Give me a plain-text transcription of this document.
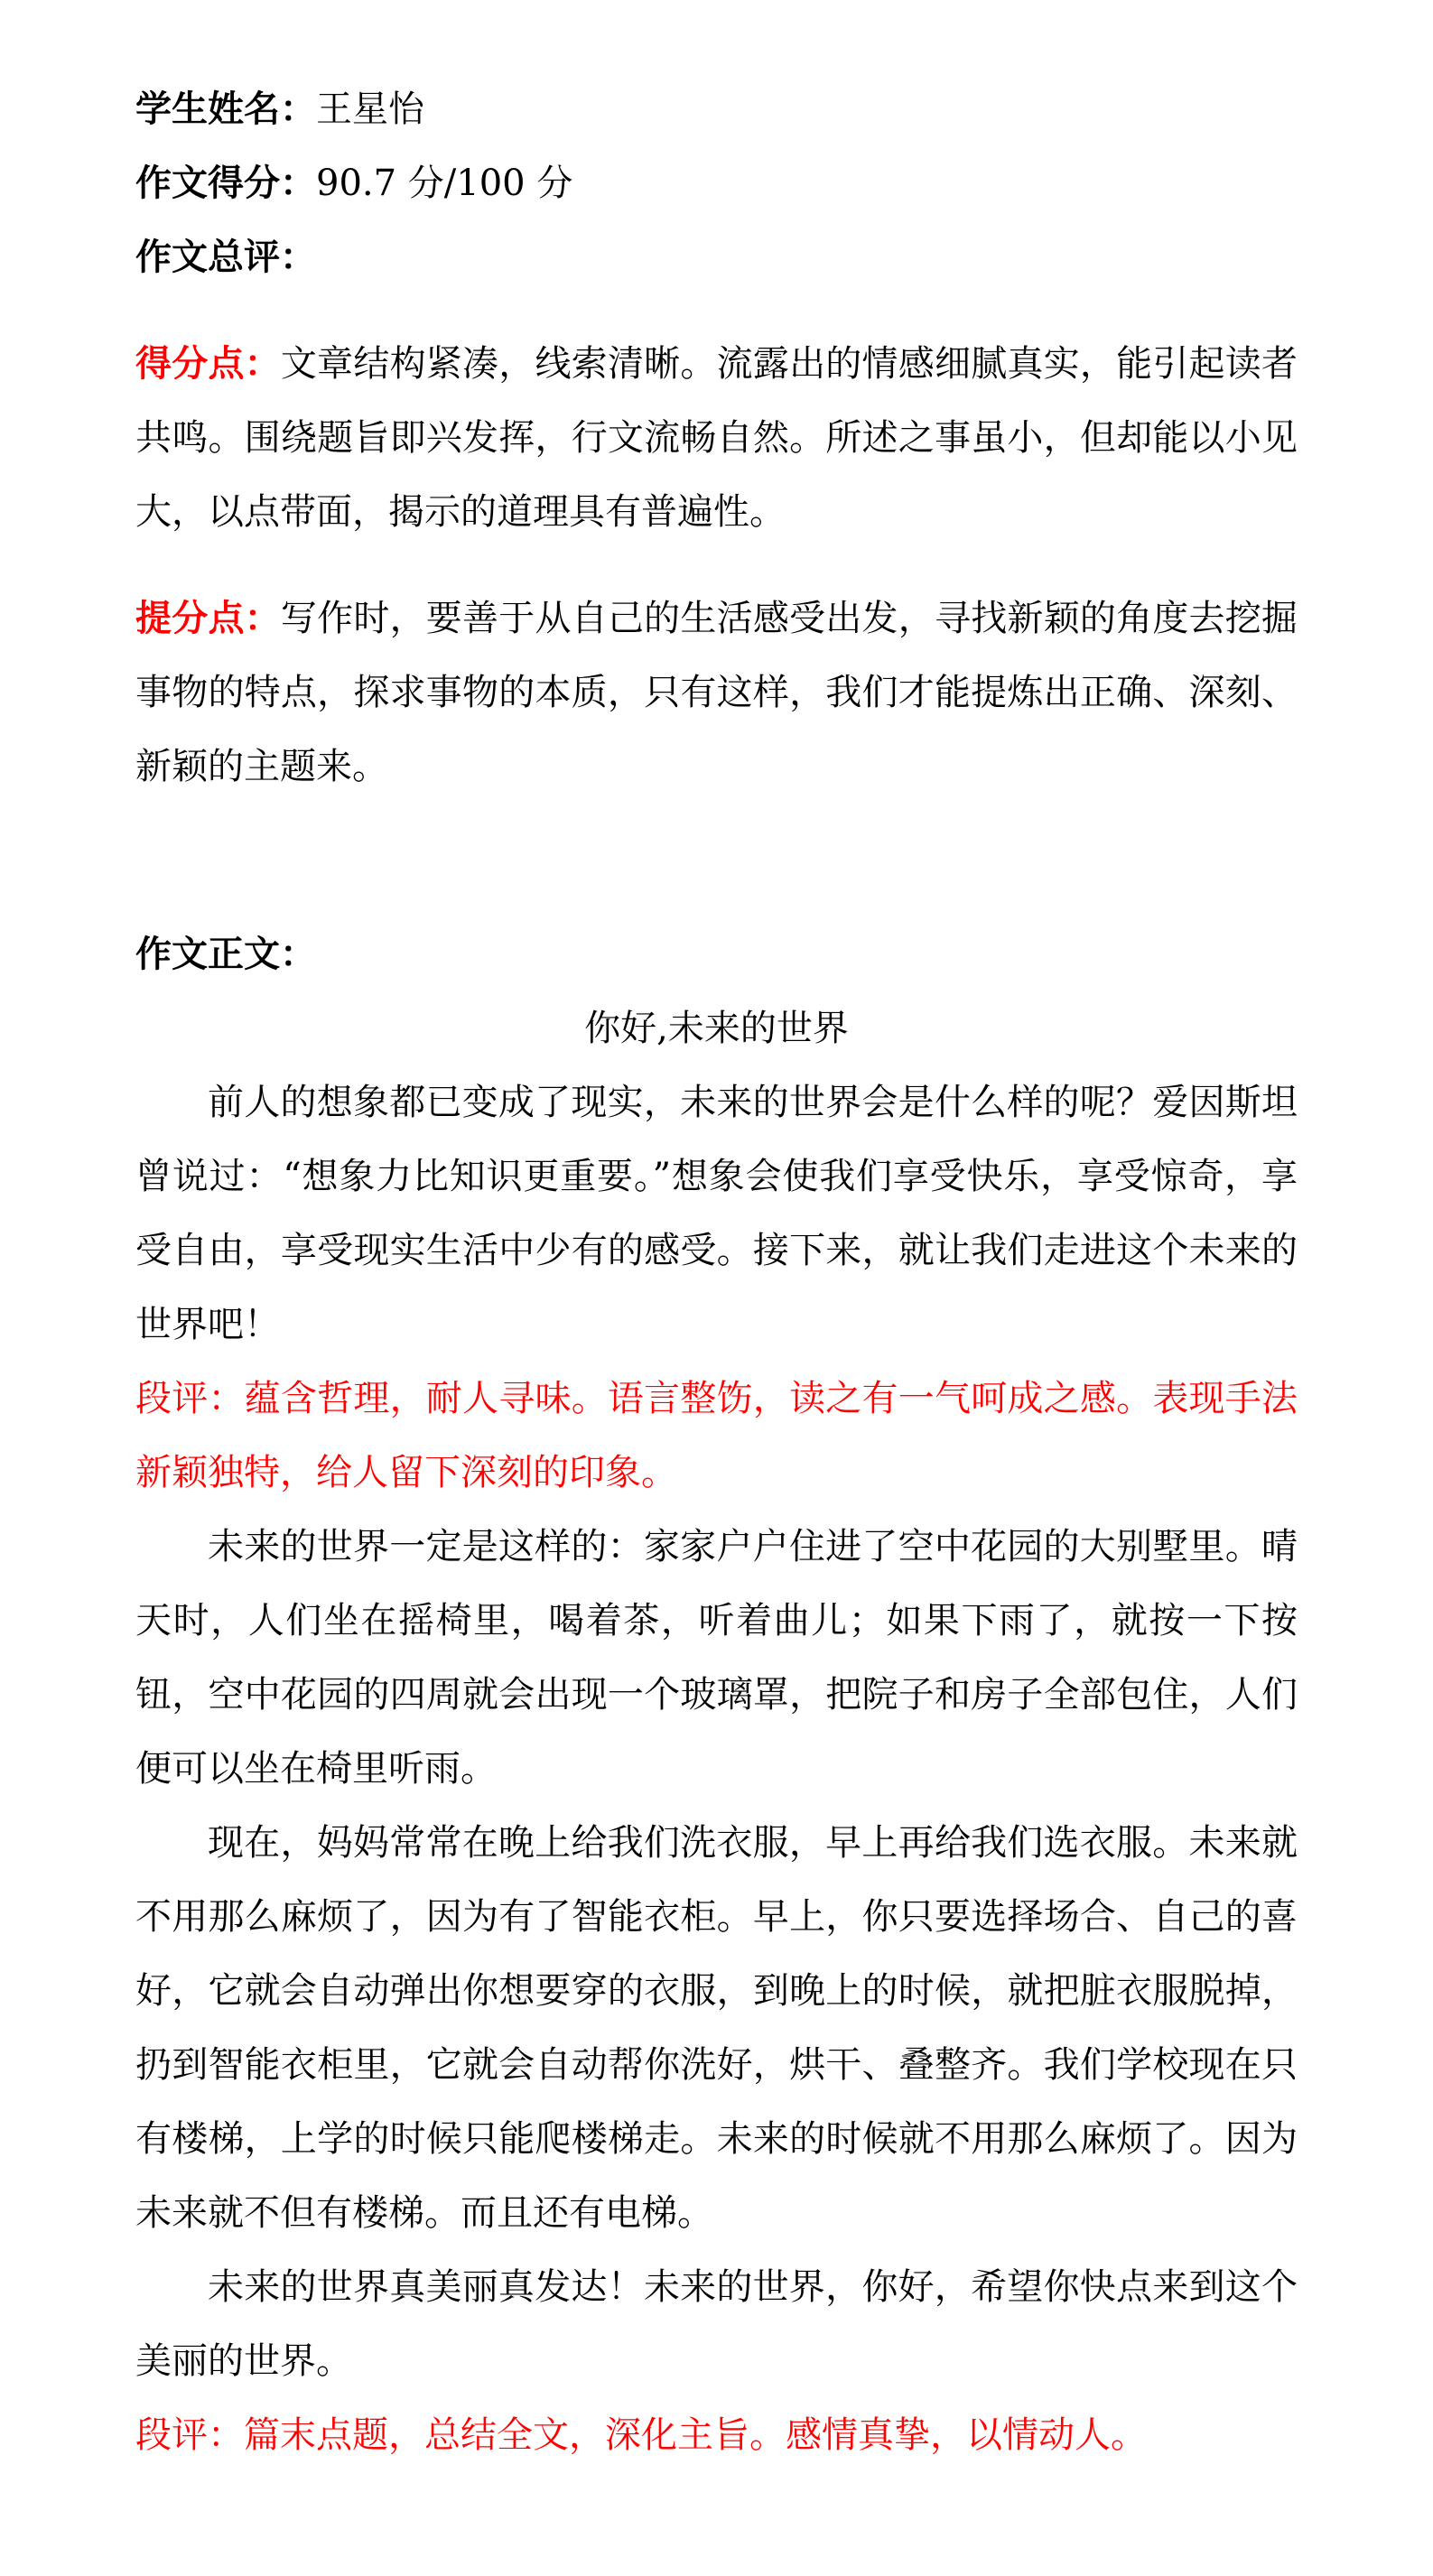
学生姓名：王星怡
作文得分：90.7 分/100 分
作文总评：
得分点：文章结构紧凑，线索清晰。流露出的情感细腻真实，能引起读者共鸣。围绕题旨即兴发挥，行文流畅自然。所述之事虽小，但却能以小见大，以点带面，揭示的道理具有普遍性。
提分点：写作时，要善于从自己的生活感受出发，寻找新颖的角度去挖掘事物的特点，探求事物的本质，只有这样，我们才能提炼出正确、深刻、新颖的主题来。
作文正文：
你好,未来的世界
前人的想象都已变成了现实，未来的世界会是什么样的呢？爱因斯坦曾说过：“想象力比知识更重要。”想象会使我们享受快乐，享受惊奇，享受自由，享受现实生活中少有的感受。接下来，就让我们走进这个未来的世界吧！
段评：蕴含哲理，耐人寻味。语言整饬，读之有一气呵成之感。表现手法新颖独特，给人留下深刻的印象。
未来的世界一定是这样的：家家户户住进了空中花园的大别墅里。晴天时，人们坐在摇椅里，喝着茶，听着曲儿；如果下雨了，就按一下按钮，空中花园的四周就会出现一个玻璃罩，把院子和房子全部包住，人们便可以坐在椅里听雨。
现在，妈妈常常在晚上给我们洗衣服，早上再给我们选衣服。未来就不用那么麻烦了，因为有了智能衣柜。早上，你只要选择场合、自己的喜好，它就会自动弹出你想要穿的衣服，到晚上的时候，就把脏衣服脱掉，扔到智能衣柜里，它就会自动帮你洗好，烘干、叠整齐。我们学校现在只有楼梯，上学的时候只能爬楼梯走。未来的时候就不用那么麻烦了。因为未来就不但有楼梯。而且还有电梯。
未来的世界真美丽真发达！未来的世界，你好，希望你快点来到这个美丽的世界。
段评：篇末点题，总结全文，深化主旨。感情真挚，以情动人。
